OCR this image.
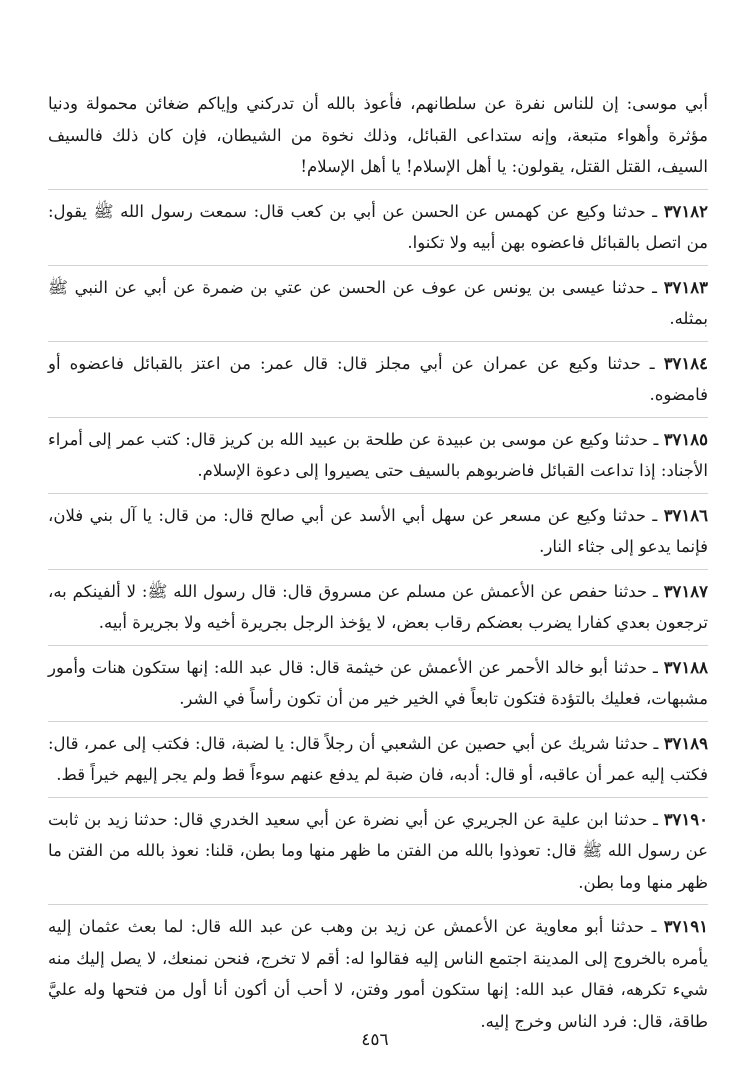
أبي موسى: إن للناس نفرة عن سلطانهم، فأعوذ بالله أن تدركني وإياكم ضغائن محمولة ودنيا مؤثرة وأهواء متبعة، وإنه ستداعى القبائل، وذلك نخوة من الشيطان، فإن كان ذلك فالسيف السيف، القتل القتل، يقولون: يا أهل الإسلام! يا أهل الإسلام!

٣٧١٨٢ ـ حدثنا وكيع عن كهمس عن الحسن عن أبي بن كعب قال: سمعت رسول الله ﷺ يقول: من اتصل بالقبائل فاعضوه بهن أبيه ولا تكنوا.

٣٧١٨٣ ـ حدثنا عيسى بن يونس عن عوف عن الحسن عن عتي بن ضمرة عن أبي عن النبي ﷺ بمثله.

٣٧١٨٤ ـ حدثنا وكيع عن عمران عن أبي مجلز قال: قال عمر: من اعتز بالقبائل فاعضوه أو فامضوه.

٣٧١٨٥ ـ حدثنا وكيع عن موسى بن عبيدة عن طلحة بن عبيد الله بن كريز قال: كتب عمر إلى أمراء الأجناد: إذا تداعت القبائل فاضربوهم بالسيف حتى يصيروا إلى دعوة الإسلام.

٣٧١٨٦ ـ حدثنا وكيع عن مسعر عن سهل أبي الأسد عن أبي صالح قال: من قال: يا آل بني فلان، فإنما يدعو إلى جثاء النار.

٣٧١٨٧ ـ حدثنا حفص عن الأعمش عن مسلم عن مسروق قال: قال رسول الله ﷺ: لا ألفينكم به، ترجعون بعدي كفارا يضرب بعضكم رقاب بعض، لا يؤخذ الرجل بجريرة أخيه ولا بجريرة أبيه.

٣٧١٨٨ ـ حدثنا أبو خالد الأحمر عن الأعمش عن خيثمة قال: قال عبد الله: إنها ستكون هنات وأمور مشبهات، فعليك بالتؤدة فتكون تابعاً في الخير خير من أن تكون رأساً في الشر.

٣٧١٨٩ ـ حدثنا شريك عن أبي حصين عن الشعبي أن رجلاً قال: يا لضبة، قال: فكتب إلى عمر، قال: فكتب إليه عمر أن عاقبه، أو قال: أدبه، فان ضبة لم يدفع عنهم سوءاً قط ولم يجر إليهم خيراً قط.

٣٧١٩٠ ـ حدثنا ابن علية عن الجريري عن أبي نضرة عن أبي سعيد الخدري قال: حدثنا زيد بن ثابت عن رسول الله ﷺ قال: تعوذوا بالله من الفتن ما ظهر منها وما بطن، قلنا: نعوذ بالله من الفتن ما ظهر منها وما بطن.

٣٧١٩١ ـ حدثنا أبو معاوية عن الأعمش عن زيد بن وهب عن عبد الله قال: لما بعث عثمان إليه يأمره بالخروج إلى المدينة اجتمع الناس إليه فقالوا له: أقم لا تخرج، فنحن نمنعك، لا يصل إليك منه شيء تكرهه، فقال عبد الله: إنها ستكون أمور وفتن، لا أحب أن أكون أنا أول من فتحها وله عليَّ طاقة، قال: فرد الناس وخرج إليه.

٤٥٦
